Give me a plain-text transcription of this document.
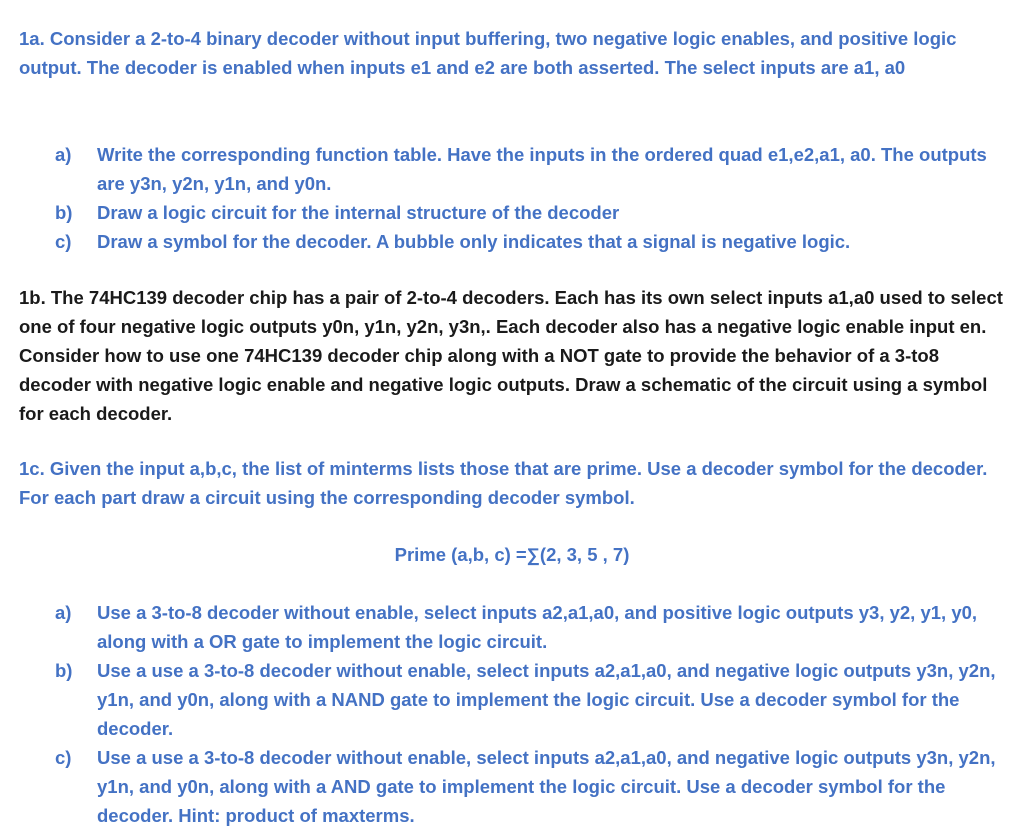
1a. Consider a 2-to-4 binary decoder without input buffering, two negative logic enables, and positive logic output. The decoder is enabled when inputs e1 and e2 are both asserted. The select inputs are a1, a0

a) Write the corresponding function table. Have the inputs in the ordered quad e1,e2,a1, a0. The outputs are y3n, y2n, y1n, and y0n.
b) Draw a logic circuit for the internal structure of the decoder
c) Draw a symbol for the decoder. A bubble only indicates that a signal is negative logic.

1b. The 74HC139 decoder chip has a pair of 2-to-4 decoders. Each has its own select inputs a1,a0 used to select one of four negative logic outputs y0n, y1n, y2n, y3n,. Each decoder also has a negative logic enable input en. Consider how to use one 74HC139 decoder chip along with a NOT gate to provide the behavior of a 3-to8 decoder with negative logic enable and negative logic outputs. Draw a schematic of the circuit using a symbol for each decoder.

1c. Given the input a,b,c, the list of minterms lists those that are prime. Use a decoder symbol for the decoder. For each part draw a circuit using the corresponding decoder symbol.

Prime (a,b, c) =∑(2, 3, 5 , 7)

a) Use a 3-to-8 decoder without enable, select inputs a2,a1,a0, and positive logic outputs y3, y2, y1, y0, along with a OR gate to implement the logic circuit.
b) Use a use a 3-to-8 decoder without enable, select inputs a2,a1,a0, and negative logic outputs y3n, y2n, y1n, and y0n, along with a NAND gate to implement the logic circuit. Use a decoder symbol for the decoder.
c) Use a use a 3-to-8 decoder without enable, select inputs a2,a1,a0, and negative logic outputs y3n, y2n, y1n, and y0n, along with a AND gate to implement the logic circuit. Use a decoder symbol for the decoder. Hint: product of maxterms.
